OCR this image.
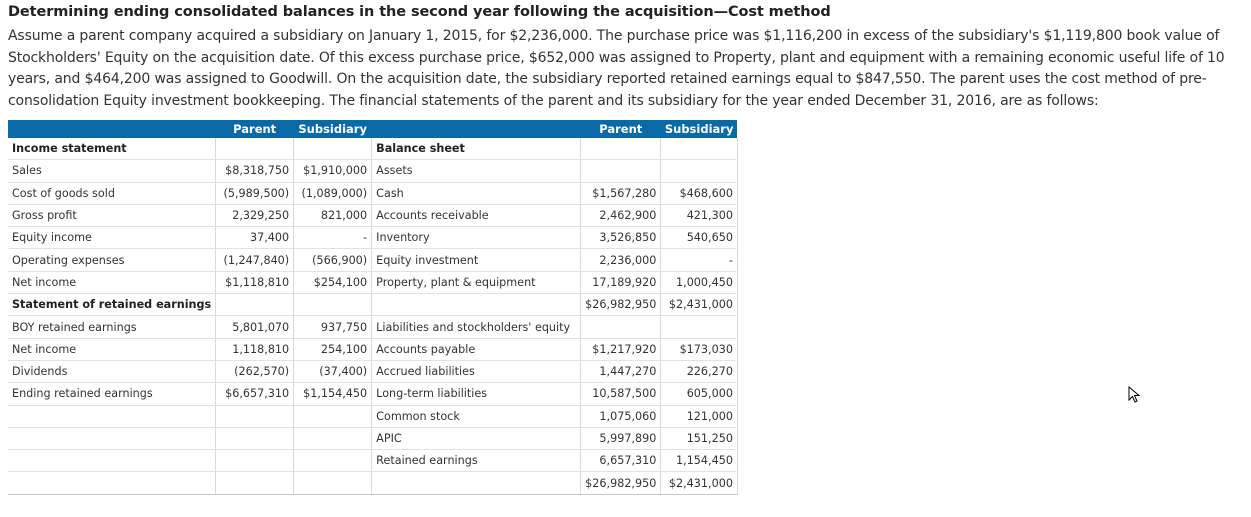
Determining ending consolidated balances in the second year following the acquisition—Cost method
Assume a parent company acquired a subsidiary on January 1, 2015, for $2,236,000. The purchase price was $1,116,200 in excess of the subsidiary's $1,119,800 book value of Stockholders' Equity on the acquisition date. Of this excess purchase price, $652,000 was assigned to Property, plant and equipment with a remaining economic useful life of 10 years, and $464,200 was assigned to Goodwill. On the acquisition date, the subsidiary reported retained earnings equal to $847,550. The parent uses the cost method of pre-consolidation Equity investment bookkeeping. The financial statements of the parent and its subsidiary for the year ended December 31, 2016, are as follows:
	Parent	Subsidiary		Parent	Subsidiary
Income statement			Balance sheet		
Sales	$8,318,750	$1,910,000	Assets		
Cost of goods sold	(5,989,500)	(1,089,000)	Cash	$1,567,280	$468,600
Gross profit	2,329,250	821,000	Accounts receivable	2,462,900	421,300
Equity income	37,400	-	Inventory	3,526,850	540,650
Operating expenses	(1,247,840)	(566,900)	Equity investment	2,236,000	-
Net income	$1,118,810	$254,100	Property, plant & equipment	17,189,920	1,000,450
Statement of retained earnings				$26,982,950	$2,431,000
BOY retained earnings	5,801,070	937,750	Liabilities and stockholders' equity		
Net income	1,118,810	254,100	Accounts payable	$1,217,920	$173,030
Dividends	(262,570)	(37,400)	Accrued liabilities	1,447,270	226,270
Ending retained earnings	$6,657,310	$1,154,450	Long-term liabilities	10,587,500	605,000
			Common stock	1,075,060	121,000
			APIC	5,997,890	151,250
			Retained earnings	6,657,310	1,154,450
				$26,982,950	$2,431,000
